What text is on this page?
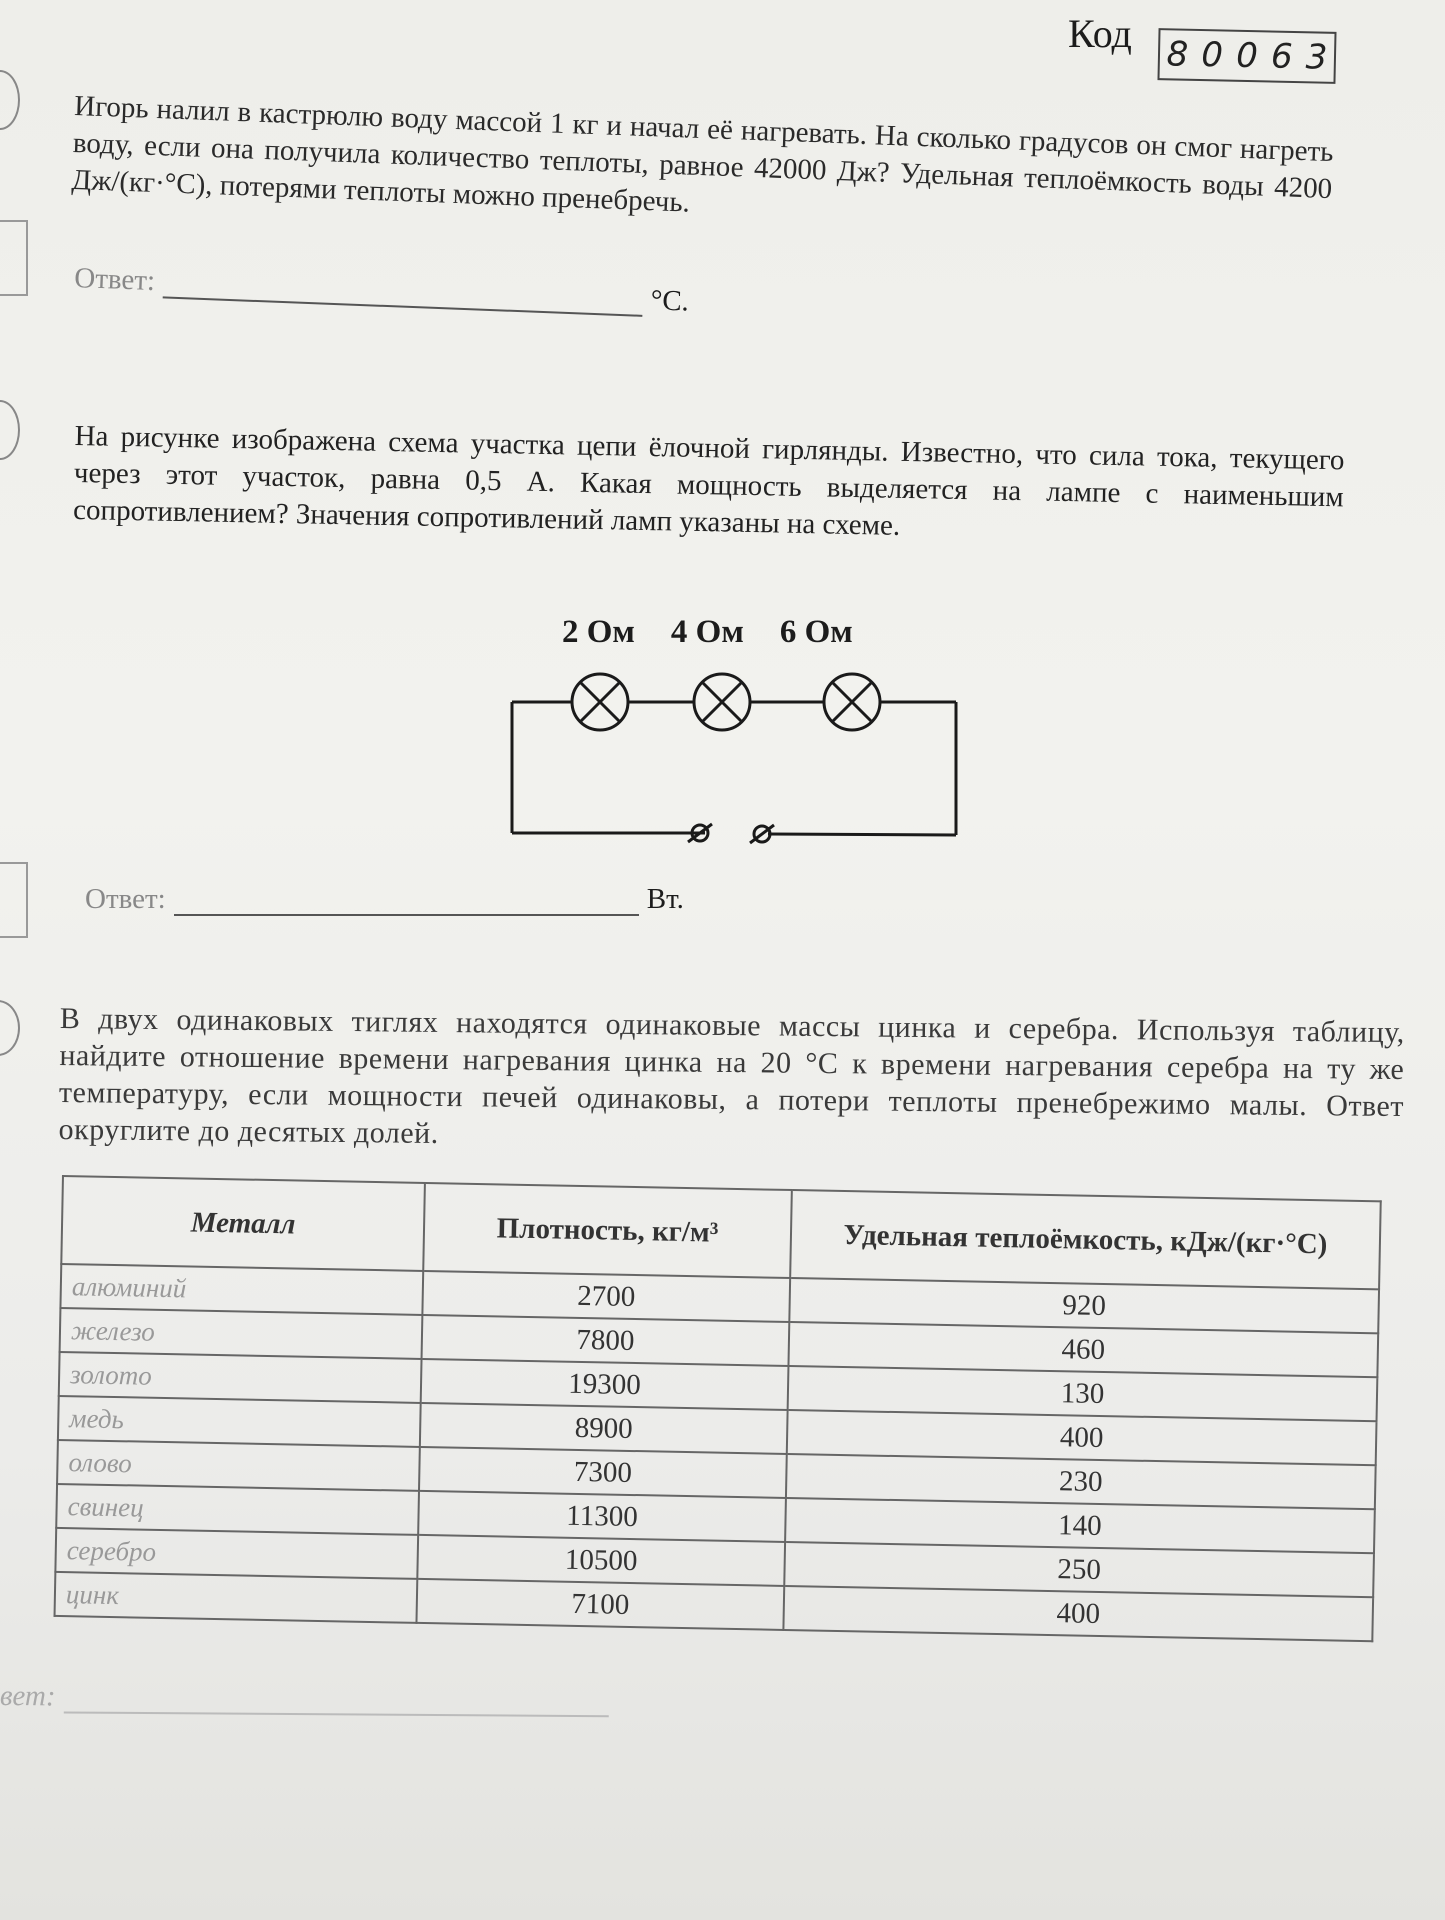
Код 8 0 0 6 3

Игорь налил в кастрюлю воду массой 1 кг и начал её нагревать. На сколько градусов он смог нагреть воду, если она получила количество теплоты, равное 42000 Дж? Удельная теплоёмкость воды 4200 Дж/(кг·°С), потерями теплоты можно пренебречь.

Ответ:
°С.

На рисунке изображена схема участка цепи ёлочной гирлянды. Известно, что сила тока, текущего через этот участок, равна 0,5 А. Какая мощность выделяется на лампе с наименьшим сопротивлением? Значения сопротивлений ламп указаны на схеме.

2 Ом 4 Ом 6 Ом
Ответ:	Вт.

В двух одинаковых тиглях находятся одинаковые массы цинка и серебра. Используя таблицу, найдите отношение времени нагревания цинка на 20 °С к времени нагревания серебра на ту же температуру, если мощности печей одинаковы, а потери теплоты пренебрежимо малы. Ответ округлите до десятых долей.

Металл	Плотность, кг/м³	Удельная теплоёмкость, кДж/(кг·°С)
алюминий	2700	920
железо	7800	460
золото	19300	130
медь	8900	400
олово	7300	230
свинец	11300	140
серебро	10500	250
цинк	7100	400
вет:
